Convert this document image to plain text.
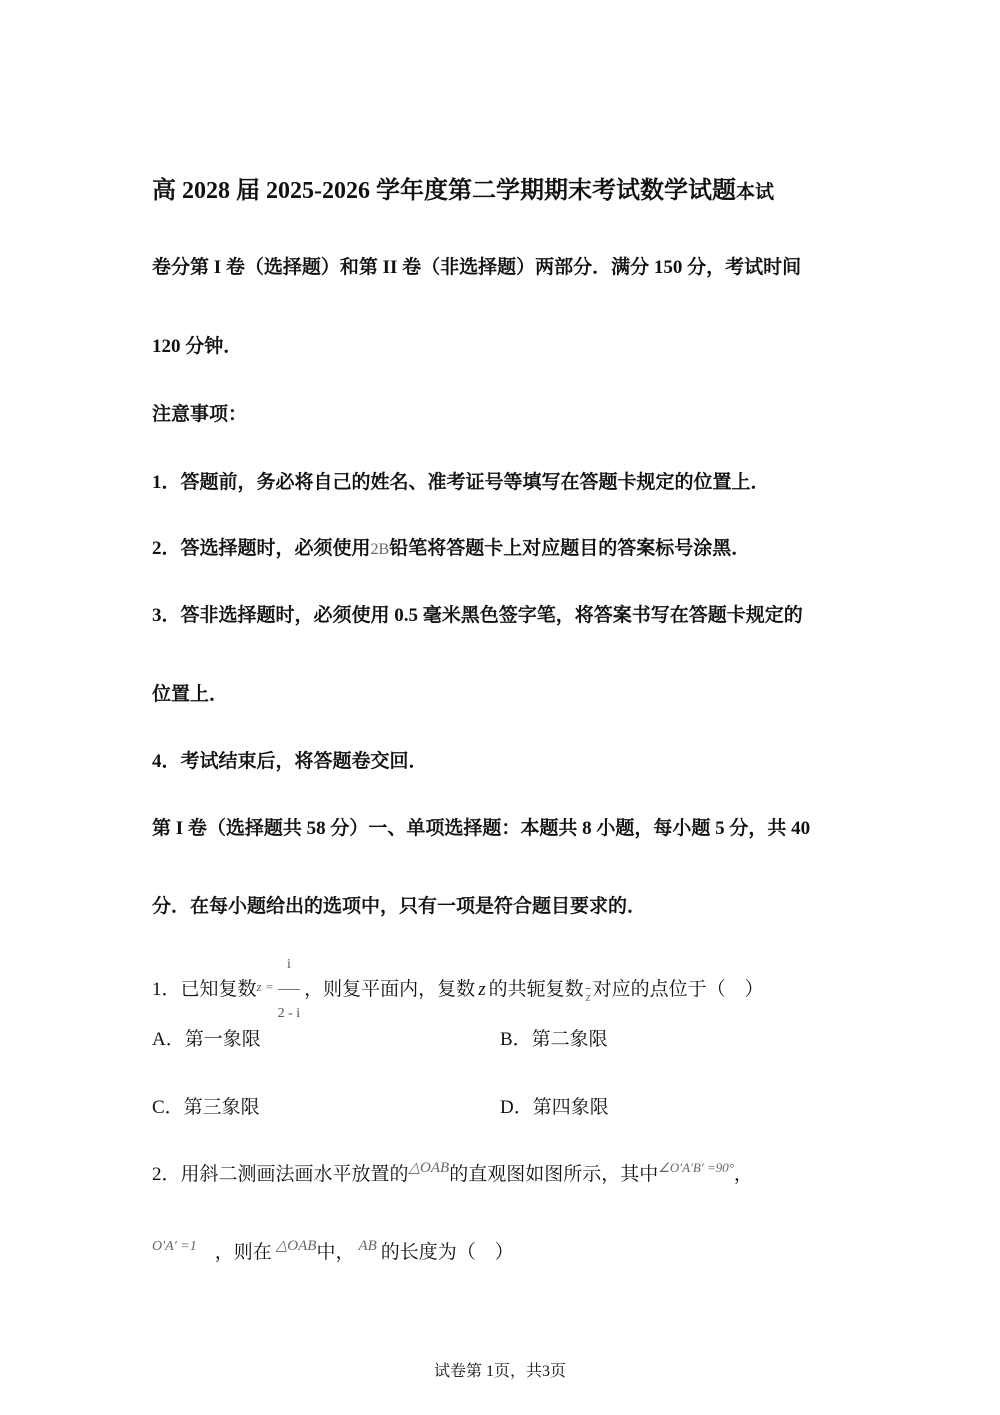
高 2028 届 2025-2026 学年度第二学期期末考试数学试题本试
卷分第 I 卷（选择题）和第 II 卷（非选择题）两部分．满分 150 分，考试时间
120 分钟．
注意事项：
1．答题前，务必将自己的姓名、准考证号等填写在答题卡规定的位置上．
2．答选择题时，必须使用2B铅笔将答题卡上对应题目的答案标号涂黑．
3．答非选择题时，必须使用 0.5 毫米黑色签字笔，将答案书写在答题卡规定的
位置上．
4．考试结束后，将答题卷交回．
第 I 卷（选择题共 58 分）一、单项选择题：本题共 8 小题，每小题 5 分，共 40
分．在每小题给出的选项中，只有一项是符合题目要求的．
1．已知复数$^{z =} \frac{i}{2 - i}$ ，则复平面内，复数 z 的共轭复数 $_{\overline{z}}$ 对应的点位于（　）
A．第一象限	B．第二象限
C．第三象限	D．第四象限
2．用斜二测画法画水平放置的$^{\triangle OAB}$的直观图如图所示，其中$^{\angle O'A'B' =90^\circ}$，
$^{O'A' =1}$ ，则在 $^{\triangle OAB}$中， $^{AB}$ 的长度为（　）
试卷第 1页，共3页
